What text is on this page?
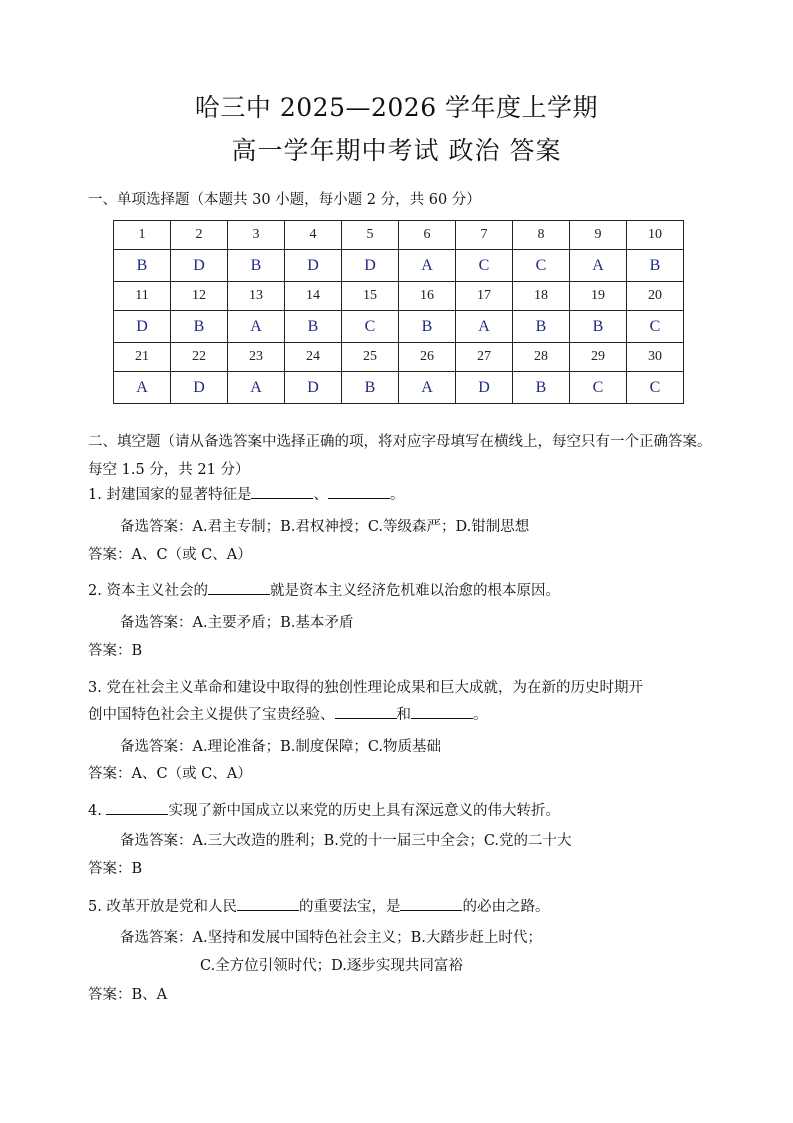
哈三中 2025—2026 学年度上学期
高一学年期中考试 政治 答案
一、单项选择题（本题共 30 小题，每小题 2 分，共 60 分）
1	2	3	4	5	6	7	8	9	10
B	D	B	D	D	A	C	C	A	B
11	12	13	14	15	16	17	18	19	20
D	B	A	B	C	B	A	B	B	C
21	22	23	24	25	26	27	28	29	30
A	D	A	D	B	A	D	B	C	C
二、填空题（请从备选答案中选择正确的项，将对应字母填写在横线上，每空只有一个正确答案。每空 1.5 分，共 21 分）
1. 封建国家的显著特征是	、	。
备选答案：A.君主专制；B.君权神授；C.等级森严；D.钳制思想
答案：A、C（或 C、A）
2. 资本主义社会的	就是资本主义经济危机难以治愈的根本原因。
备选答案：A.主要矛盾；B.基本矛盾
答案：B
3. 党在社会主义革命和建设中取得的独创性理论成果和巨大成就，为在新的历史时期开
创中国特色社会主义提供了宝贵经验、	和	。
备选答案：A.理论准备；B.制度保障；C.物质基础
答案：A、C（或 C、A）
4.	实现了新中国成立以来党的历史上具有深远意义的伟大转折。
备选答案：A.三大改造的胜利；B.党的十一届三中全会；C.党的二十大
答案：B
5. 改革开放是党和人民	的重要法宝，是	的必由之路。
备选答案：A.坚持和发展中国特色社会主义；B.大踏步赶上时代；
C.全方位引领时代；D.逐步实现共同富裕
答案：B、A
